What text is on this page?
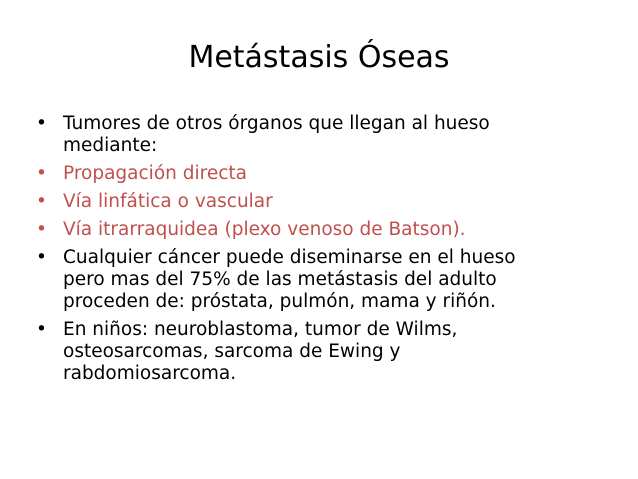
Metástasis Óseas
• Tumores de otros órganos que llegan al hueso
mediante:
• Propagación directa
• Vía linfática o vascular
• Vía itrarraquidea (plexo venoso de Batson).
• Cualquier cáncer puede diseminarse en el hueso
pero mas del 75% de las metástasis del adulto
proceden de: próstata, pulmón, mama y riñón.
• En niños: neuroblastoma, tumor de Wilms,
osteosarcomas, sarcoma de Ewing y
rabdomiosarcoma.
